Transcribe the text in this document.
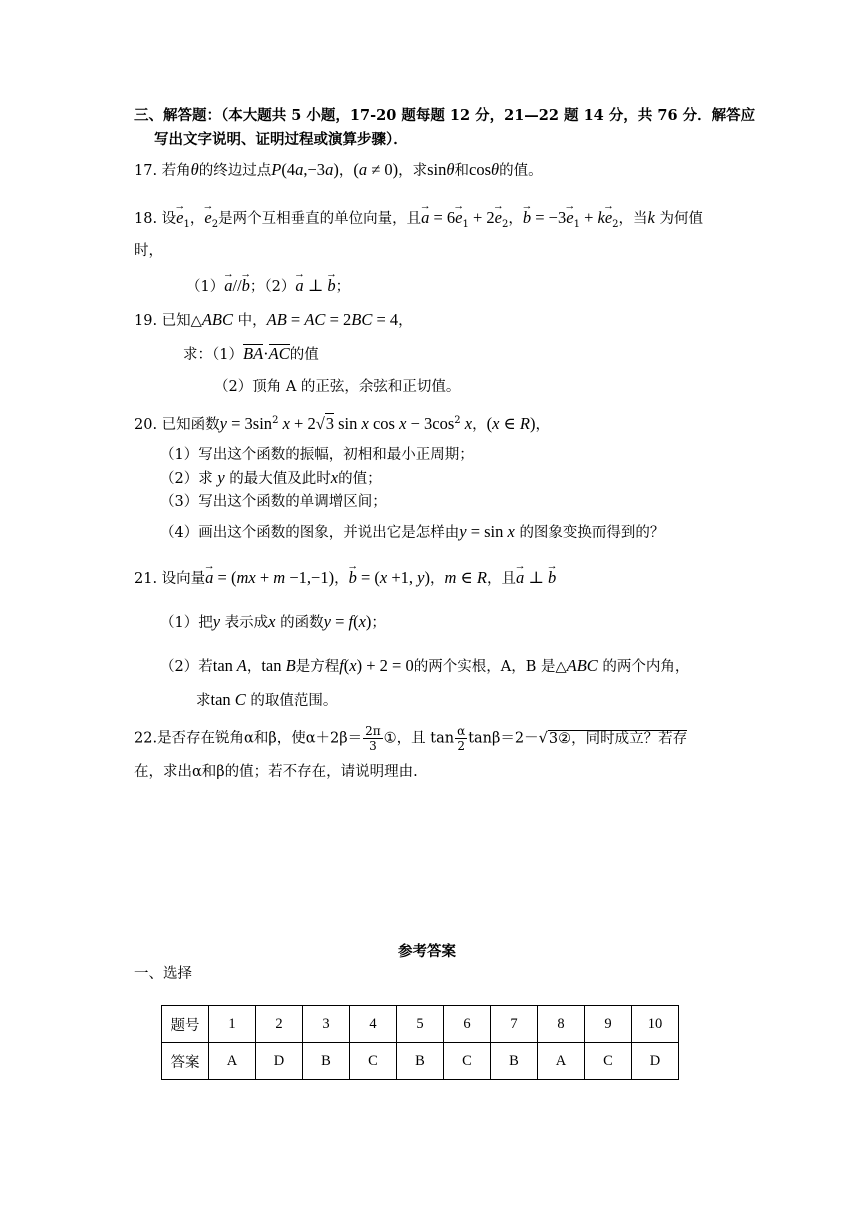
三、解答题：（本大题共 5 小题，17-20 题每题 12 分，21—22 题 14 分，共 76 分．解答应
写出文字说明、证明过程或演算步骤）．
17. 若角θ的终边过点P(4a,−3a)，(a ≠ 0)，求sinθ和cosθ的值。
18. 设→ $e_1$，→ $e_2$是两个互相垂直的单位向量，且→ $a = 6\to e_1 + 2\to e_2$，→ $b = -3\to e_1 + k\to e_2$，当k 为何值
时，
（1）→ a//→ b；（2）→ a ⊥ → b；
19. 已知△ABC 中，AB = AC = 2BC = 4，
求：（1）BA·AC的值
（2）顶角 A 的正弦，余弦和正切值。
20. 已知函数$y = 3\sin^2$ x + 2√3 sin x $\cos x - 3\cos^2$ x，(x ∈ R)，
（1）写出这个函数的振幅，初相和最小正周期；
（2）求 y 的最大值及此时x的值；
（3）写出这个函数的单调增区间；
（4）画出这个函数的图象，并说出它是怎样由y = sin x 的图象变换而得到的？
21. 设向量→ a = (mx + m −1,−1)，→ b = (x +1, y)，m ∈ R，且→ a ⊥ → b
（1）把y 表示成x 的函数y = f(x)；
（2）若tan A，tan B是方程f(x) + 2 = 0的两个实根，A，B 是△ABC 的两个内角，
求tan C 的取值范围。
22.是否存在锐角α和β，使$\alpha+2\beta= \frac{2\pi}{3}$ ①，且 $\tan \frac{\alpha}{2}$ tanβ＝2－√3②，同时成立？若存
在，求出α和β的值；若不存在，请说明理由.
参考答案
一、选择
题号	1	2	3	4	5	6	7	8	9	10
答案	A	D	B	C	B	C	B	A	C	D
